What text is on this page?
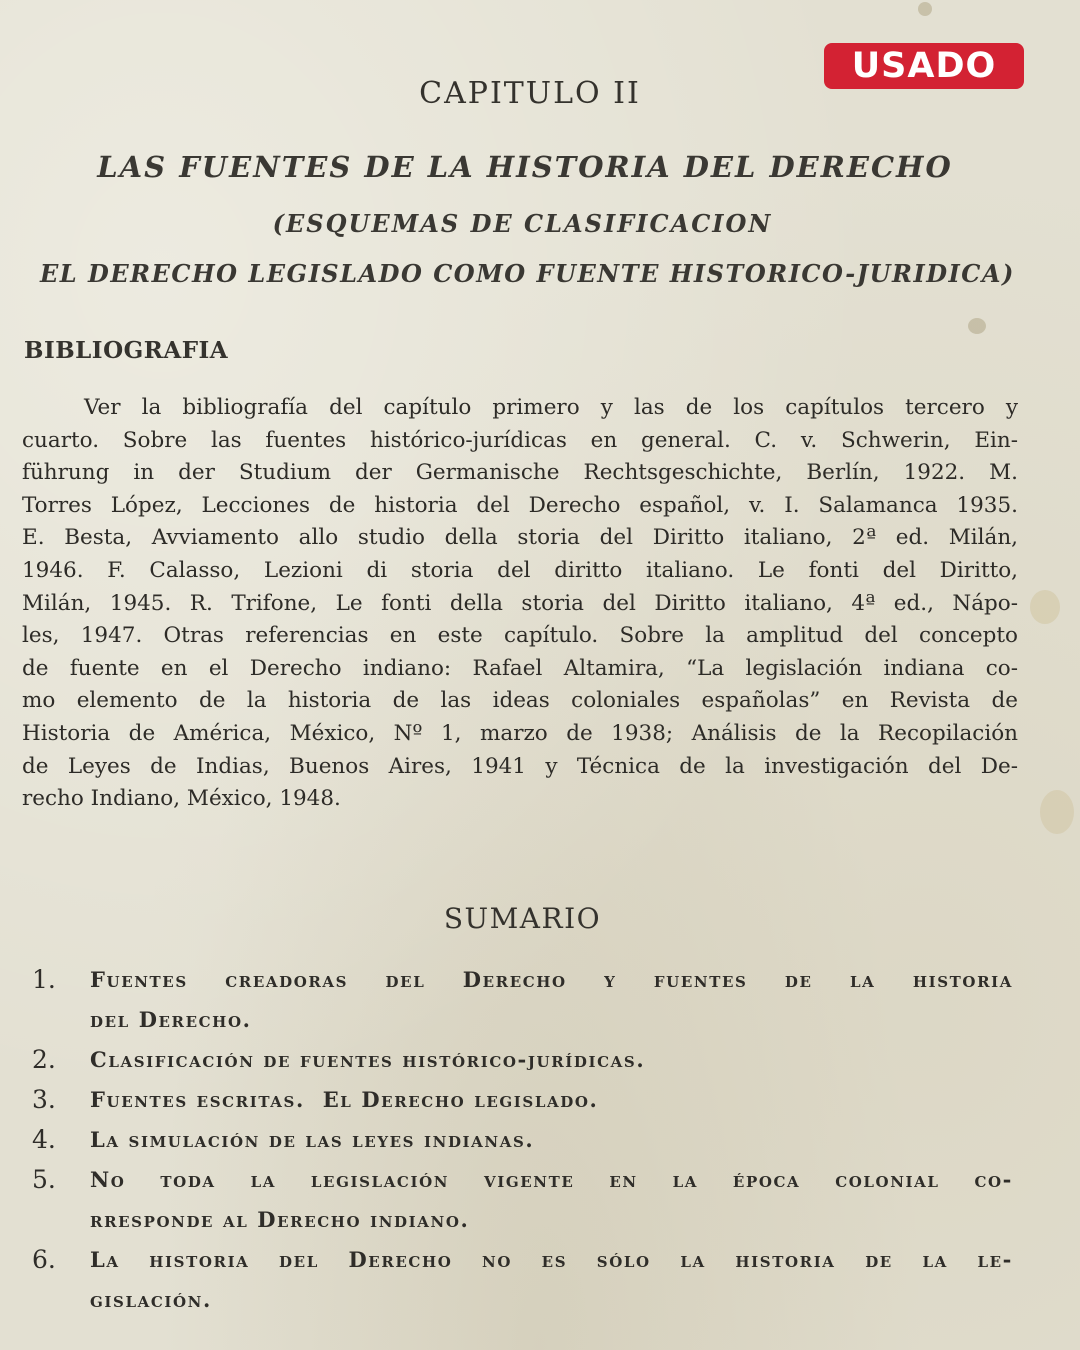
USADO
CAPITULO II
LAS FUENTES DE LA HISTORIA DEL DERECHO
(ESQUEMAS DE CLASIFICACION
EL DERECHO LEGISLADO COMO FUENTE HISTORICO-JURIDICA)
BIBLIOGRAFIA
Ver la bibliografía del capítulo primero y las de los capítulos tercero y
cuarto. Sobre las fuentes histórico-jurídicas en general. C. v. Schwerin, Ein-
führung in der Studium der Germanische Rechtsgeschichte, Berlín, 1922. M.
Torres López, Lecciones de historia del Derecho español, v. I. Salamanca 1935.
E. Besta, Avviamento allo studio della storia del Diritto italiano, 2ª ed. Milán,
1946. F. Calasso, Lezioni di storia del diritto italiano. Le fonti del Diritto,
Milán, 1945. R. Trifone, Le fonti della storia del Diritto italiano, 4ª ed., Nápo-
les, 1947. Otras referencias en este capítulo. Sobre la amplitud del concepto
de fuente en el Derecho indiano: Rafael Altamira, “La legislación indiana co-
mo elemento de la historia de las ideas coloniales españolas” en Revista de
Historia de América, México, Nº 1, marzo de 1938; Análisis de la Recopilación
de Leyes de Indias, Buenos Aires, 1941 y Técnica de la investigación del De-
recho Indiano, México, 1948.
SUMARIO
1. Fuentes creadoras del Derecho y fuentes de la historia
del Derecho.
2. Clasificación de fuentes histórico-jurídicas.
3. Fuentes escritas.  El Derecho legislado.
4. La simulación de las leyes indianas.
5. No toda la legislación vigente en la época colonial co-
rresponde al Derecho indiano.
6. La historia del Derecho no es sólo la historia de la le-
gislación.
